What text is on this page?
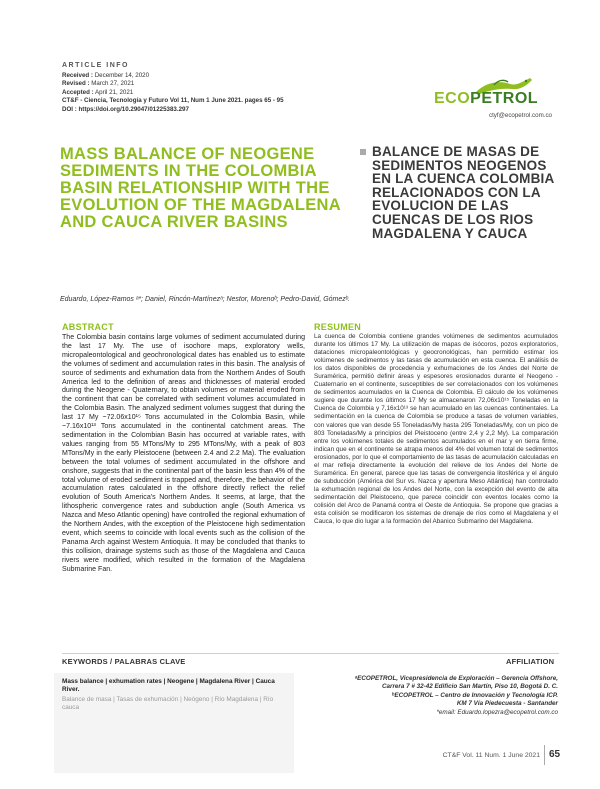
ARTICLE INFO
Received : December 14, 2020
Revised : March 27, 2021
Accepted : April 21, 2021
CT&F - Ciencia, Tecnología y Futuro Vol 11, Num 1 June 2021. pages 65 - 95
DOI : https://doi.org/10.29047/01225383.297
ECOPETROL
ctyf@ecopetrol.com.co
MASS BALANCE OF NEOGENE SEDIMENTS IN THE COLOMBIA BASIN RELATIONSHIP WITH THE EVOLUTION OF THE MAGDALENA AND CAUCA RIVER BASINS
BALANCE DE MASAS DE SEDIMENTOS NEOGENOS EN LA CUENCA COLOMBIA RELACIONADOS CON LA EVOLUCION DE LAS CUENCAS DE LOS RIOS MAGDALENA Y CAUCA
Eduardo, López-Ramos ᵃ*; Daniel, Rincón-Martínezᵃ; Nestor, Morenoᵇ; Pedro-David, Gómezᵇ.
ABSTRACT
The Colombia basin contains large volumes of sediment accumulated during the last 17 My. The use of isochore maps, exploratory wells, micropaleontological and geochronological dates has enabled us to estimate the volumes of sediment and accumulation rates in this basin. The analysis of source of sediments and exhumation data from the Northern Andes of South America led to the definition of areas and thicknesses of material eroded during the Neogene - Quaternary, to obtain volumes or material eroded from the continent that can be correlated with sediment volumes accumulated in the Colombia Basin. The analyzed sediment volumes suggest that during the last 17 My ~72.06x10¹⁵ Tons accumulated in the Colombia Basin, while ~7.16x10¹³ Tons accumulated in the continental catchment areas. The sedimentation in the Colombian Basin has occurred at variable rates, with values ranging from 55 MTons/My to 295 MTons/My, with a peak of 803 MTons/My in the early Pleistocene (between 2.4 and 2.2 Ma). The evaluation between the total volumes of sediment accumulated in the offshore and onshore, suggests that in the continental part of the basin less than 4% of the total volume of eroded sediment is trapped and, therefore, the behavior of the accumulation rates calculated in the offshore directly reflect the relief evolution of South America's Northern Andes. It seems, at large, that the lithospheric convergence rates and subduction angle (South America vs Nazca and Meso Atlantic opening) have controlled the regional exhumation of the Northern Andes, with the exception of the Pleistocene high sedimentation event, which seems to coincide with local events such as the collision of the Panama Arch against Western Antioquia. It may be concluded that thanks to this collision, drainage systems such as those of the Magdalena and Cauca rivers were modified, which resulted in the formation of the Magdalena Submarine Fan.
RESUMEN
La cuenca de Colombia contiene grandes volúmenes de sedimentos acumulados durante los últimos 17 My. La utilización de mapas de isócoros, pozos exploratorios, dataciones micropaleontológicas y geocronológicas, han permitido estimar los volúmenes de sedimentos y las tasas de acumulación en esta cuenca. El análisis de los datos disponibles de procedencia y exhumaciones de los Andes del Norte de Suramérica, permitió definir áreas y espesores erosionados durante el Neogeno - Cuaternario en el continente, susceptibles de ser correlacionados con los volúmenes de sedimentos acumulados en la Cuenca de Colombia. El cálculo de los volúmenes sugiere que durante los últimos 17 My se almacenaron 72,06x10¹⁵ Toneladas en la Cuenca de Colombia y 7,16x10¹³ se han acumulado en las cuencas continentales. La sedimentación en la cuenca de Colombia se produce a tasas de volumen variables, con valores que van desde 55 Toneladas/My hasta 295 Toneladas/My, con un pico de 803 Toneladas/My a principios del Pleistoceno (entre 2,4 y 2,2 My). La comparación entre los volúmenes totales de sedimentos acumulados en el mar y en tierra firme, indican que en el continente se atrapa menos del 4% del volumen total de sedimentos erosionados, por lo que el comportamiento de las tasas de acumulación calculadas en el mar refleja directamente la evolución del relieve de los Andes del Norte de Suramérica. En general, parece que las tasas de convergencia litosférica y el ángulo de subducción (América del Sur vs. Nazca y apertura Meso Atlántica) han controlado la exhumación regional de los Andes del Norte, con la excepción del evento de alta sedimentación del Pleistoceno, que parece coincidir con eventos locales como la colisión del Arco de Panamá contra el Oeste de Antioquia. Se propone que gracias a esta colisión se modificaron los sistemas de drenaje de ríos como el Magdalena y el Cauca, lo que dio lugar a la formación del Abanico Submarino del Magdalena.
KEYWORDS / PALABRAS CLAVE	AFFILIATION
Mass balance | exhumation rates | Neogene | Magdalena River | Cauca River.
Balance de masa | Tasas de exhumación | Neógeno | Río Magdalena | Río cauca
ᵃECOPETROL, Vicepresidencia de Exploración – Gerencia Offshore,
Carrera 7 # 32-42 Edificio San Martín, Piso 10, Bogotá D. C.
ᵇECOPETROL – Centro de Innovación y Tecnología ICP.
KM 7 Vía Piedecuesta - Santander
*email: Eduardo.lopezra@ecopetrol.com.co
CT&F Vol. 11 Num. 1 June 2021 65
